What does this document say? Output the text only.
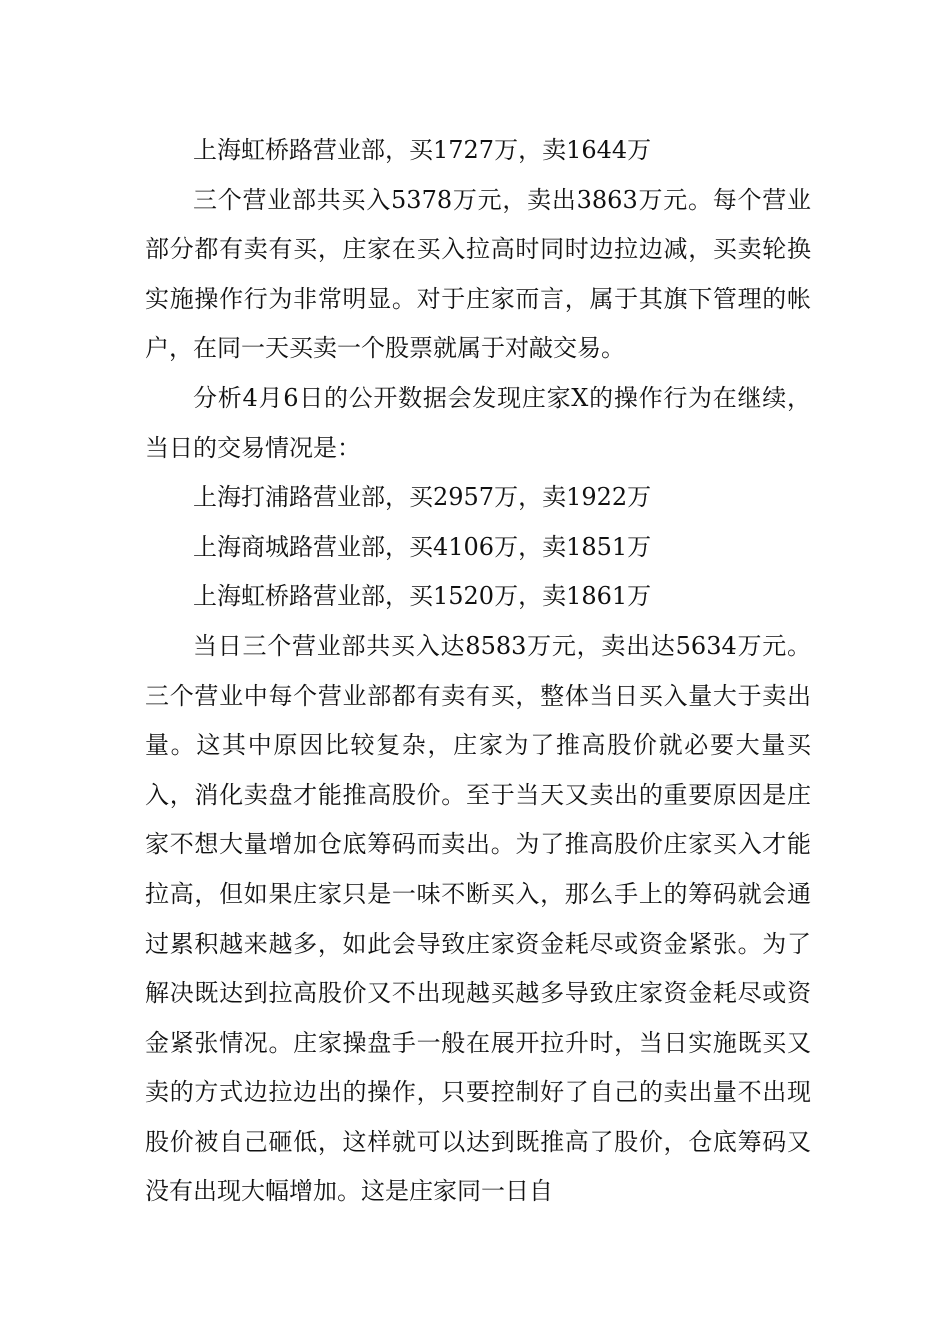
上海虹桥路营业部，买1727万，卖1644万

三个营业部共买入5378万元，卖出3863万元。每个营业部分都有卖有买，庄家在买入拉高时同时边拉边减，买卖轮换实施操作行为非常明显。对于庄家而言，属于其旗下管理的帐户，在同一天买卖一个股票就属于对敲交易。

分析4月6日的公开数据会发现庄家X的操作行为在继续，当日的交易情况是：

上海打浦路营业部，买2957万，卖1922万

上海商城路营业部，买4106万，卖1851万

上海虹桥路营业部，买1520万，卖1861万

当日三个营业部共买入达8583万元，卖出达5634万元。三个营业中每个营业部都有卖有买，整体当日买入量大于卖出量。这其中原因比较复杂，庄家为了推高股价就必要大量买入，消化卖盘才能推高股价。至于当天又卖出的重要原因是庄家不想大量增加仓底筹码而卖出。为了推高股价庄家买入才能拉高，但如果庄家只是一味不断买入，那么手上的筹码就会通过累积越来越多，如此会导致庄家资金耗尽或资金紧张。为了解决既达到拉高股价又不出现越买越多导致庄家资金耗尽或资金紧张情况。庄家操盘手一般在展开拉升时，当日实施既买又卖的方式边拉边出的操作，只要控制好了自己的卖出量不出现股价被自己砸低，这样就可以达到既推高了股价，仓底筹码又没有出现大幅增加。这是庄家同一日自
